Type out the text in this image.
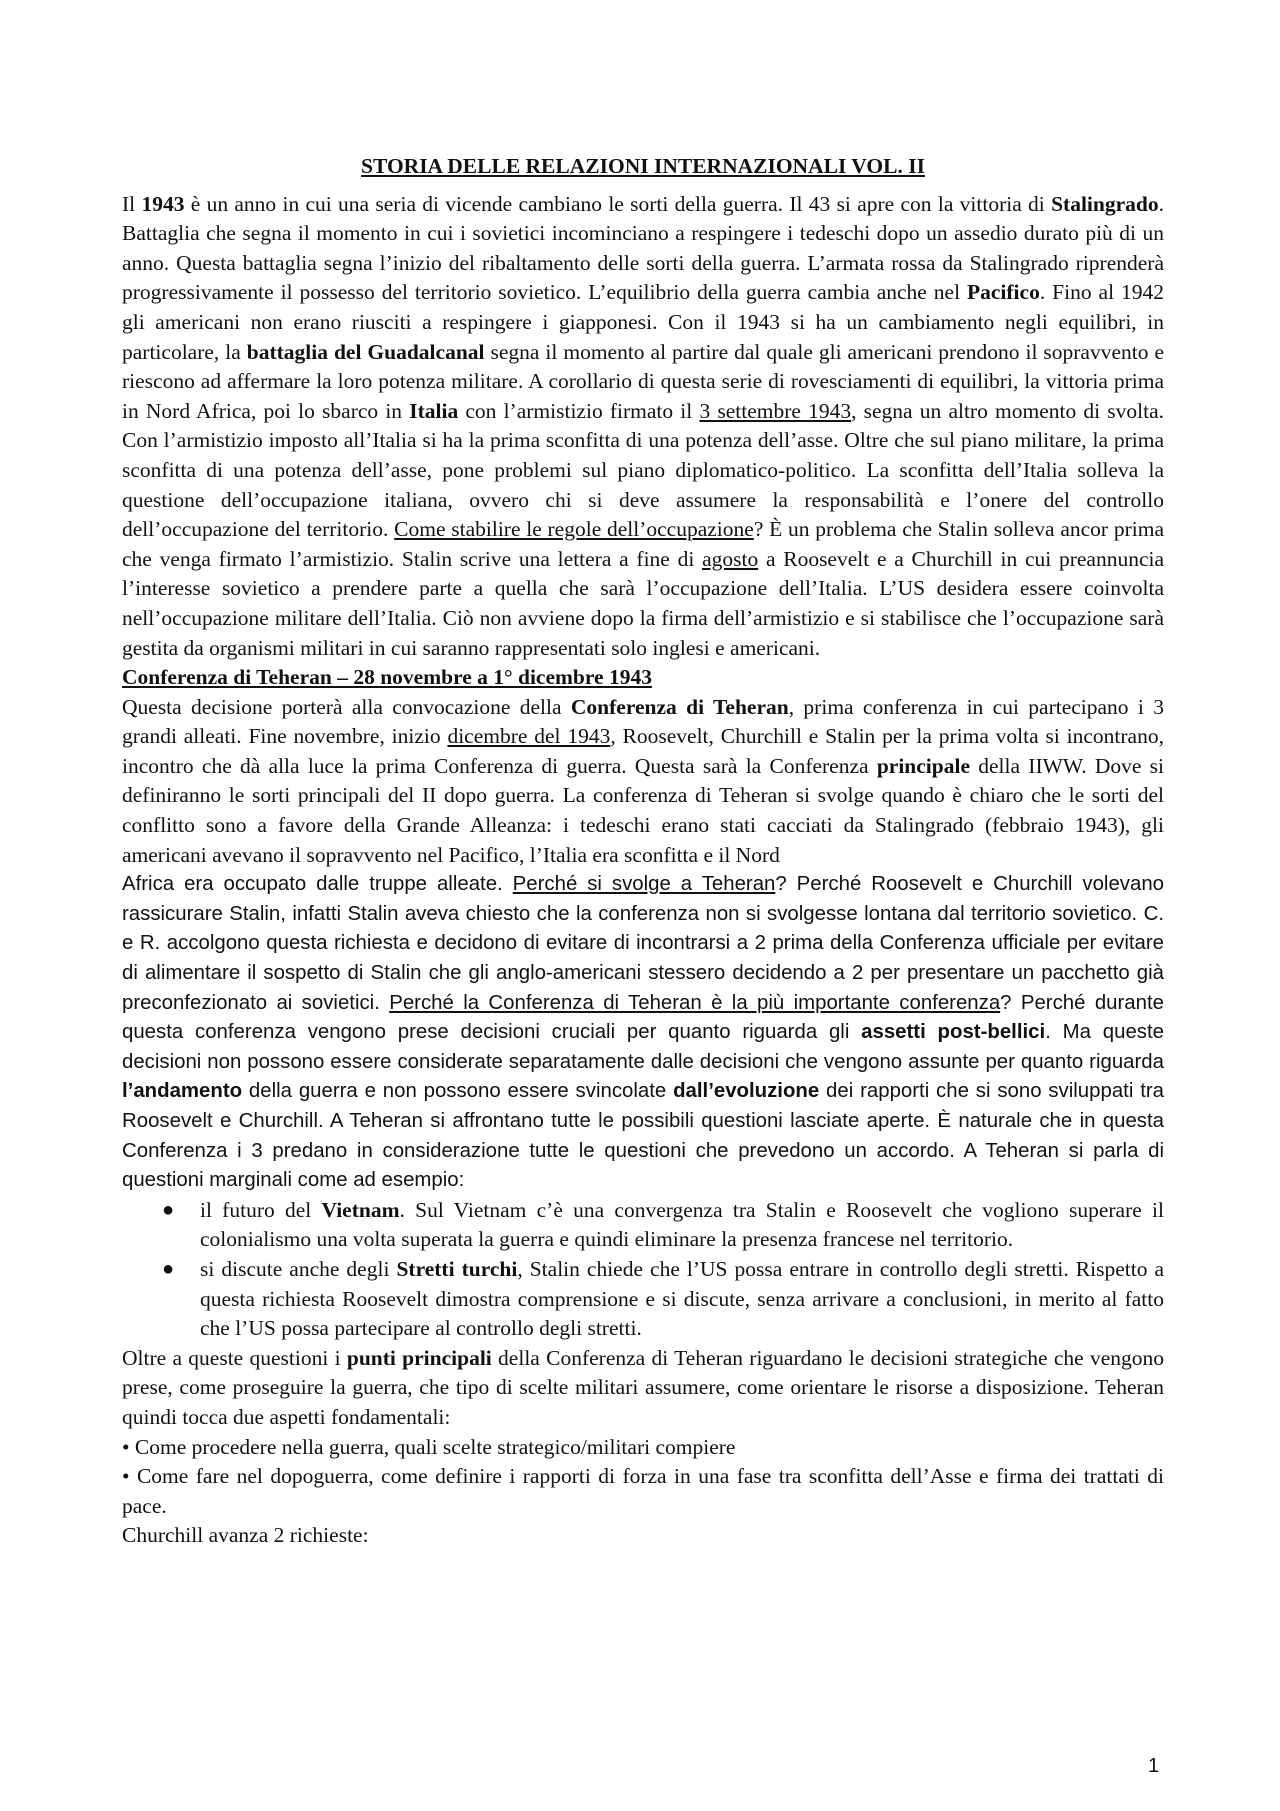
STORIA DELLE RELAZIONI INTERNAZIONALI VOL. II

Il 1943 è un anno in cui una seria di vicende cambiano le sorti della guerra. Il 43 si apre con la vittoria di Stalingrado. Battaglia che segna il momento in cui i sovietici incominciano a respingere i tedeschi dopo un assedio durato più di un anno. Questa battaglia segna l’inizio del ribaltamento delle sorti della guerra. L’armata rossa da Stalingrado riprenderà progressivamente il possesso del territorio sovietico. L’equilibrio della guerra cambia anche nel Pacifico. Fino al 1942 gli americani non erano riusciti a respingere i giapponesi. Con il 1943 si ha un cambiamento negli equilibri, in particolare, la battaglia del Guadalcanal segna il momento al partire dal quale gli americani prendono il sopravvento e riescono ad affermare la loro potenza militare. A corollario di questa serie di rovesciamenti di equilibri, la vittoria prima in Nord Africa, poi lo sbarco in Italia con l’armistizio firmato il 3 settembre 1943, segna un altro momento di svolta. Con l’armistizio imposto all’Italia si ha la prima sconfitta di una potenza dell’asse. Oltre che sul piano militare, la prima sconfitta di una potenza dell’asse, pone problemi sul piano diplomatico-politico. La sconfitta dell’Italia solleva la questione dell’occupazione italiana, ovvero chi si deve assumere la responsabilità e l’onere del controllo dell’occupazione del territorio. Come stabilire le regole dell’occupazione? È un problema che Stalin solleva ancor prima che venga firmato l’armistizio. Stalin scrive una lettera a fine di agosto a Roosevelt e a Churchill in cui preannuncia l’interesse sovietico a prendere parte a quella che sarà l’occupazione dell’Italia. L’US desidera essere coinvolta nell’occupazione militare dell’Italia. Ciò non avviene dopo la firma dell’armistizio e si stabilisce che l’occupazione sarà gestita da organismi militari in cui saranno rappresentati solo inglesi e americani.

Conferenza di Teheran – 28 novembre a 1° dicembre 1943

Questa decisione porterà alla convocazione della Conferenza di Teheran, prima conferenza in cui partecipano i 3 grandi alleati. Fine novembre, inizio dicembre del 1943, Roosevelt, Churchill e Stalin per la prima volta si incontrano, incontro che dà alla luce la prima Conferenza di guerra. Questa sarà la Conferenza principale della IIWW. Dove si definiranno le sorti principali del II dopo guerra. La conferenza di Teheran si svolge quando è chiaro che le sorti del conflitto sono a favore della Grande Alleanza: i tedeschi erano stati cacciati da Stalingrado (febbraio 1943), gli americani avevano il sopravvento nel Pacifico, l’Italia era sconfitta e il Nord

Africa era occupato dalle truppe alleate. Perché si svolge a Teheran? Perché Roosevelt e Churchill volevano rassicurare Stalin, infatti Stalin aveva chiesto che la conferenza non si svolgesse lontana dal territorio sovietico. C. e R. accolgono questa richiesta e decidono di evitare di incontrarsi a 2 prima della Conferenza ufficiale per evitare di alimentare il sospetto di Stalin che gli anglo-americani stessero decidendo a 2 per presentare un pacchetto già preconfezionato ai sovietici. Perché la Conferenza di Teheran è la più importante conferenza? Perché durante questa conferenza vengono prese decisioni cruciali per quanto riguarda gli assetti post-bellici. Ma queste decisioni non possono essere considerate separatamente dalle decisioni che vengono assunte per quanto riguarda l’andamento della guerra e non possono essere svincolate dall’evoluzione dei rapporti che si sono sviluppati tra Roosevelt e Churchill. A Teheran si affrontano tutte le possibili questioni lasciate aperte. È naturale che in questa Conferenza i 3 predano in considerazione tutte le questioni che prevedono un accordo. A Teheran si parla di questioni marginali come ad esempio:

● il futuro del Vietnam. Sul Vietnam c’è una convergenza tra Stalin e Roosevelt che vogliono superare il colonialismo una volta superata la guerra e quindi eliminare la presenza francese nel territorio.
● si discute anche degli Stretti turchi, Stalin chiede che l’US possa entrare in controllo degli stretti. Rispetto a questa richiesta Roosevelt dimostra comprensione e si discute, senza arrivare a conclusioni, in merito al fatto che l’US possa partecipare al controllo degli stretti.

Oltre a queste questioni i punti principali della Conferenza di Teheran riguardano le decisioni strategiche che vengono prese, come proseguire la guerra, che tipo di scelte militari assumere, come orientare le risorse a disposizione. Teheran quindi tocca due aspetti fondamentali:

• Come procedere nella guerra, quali scelte strategico/militari compiere

• Come fare nel dopoguerra, come definire i rapporti di forza in una fase tra sconfitta dell’Asse e firma dei trattati di pace.

Churchill avanza 2 richieste:

1
